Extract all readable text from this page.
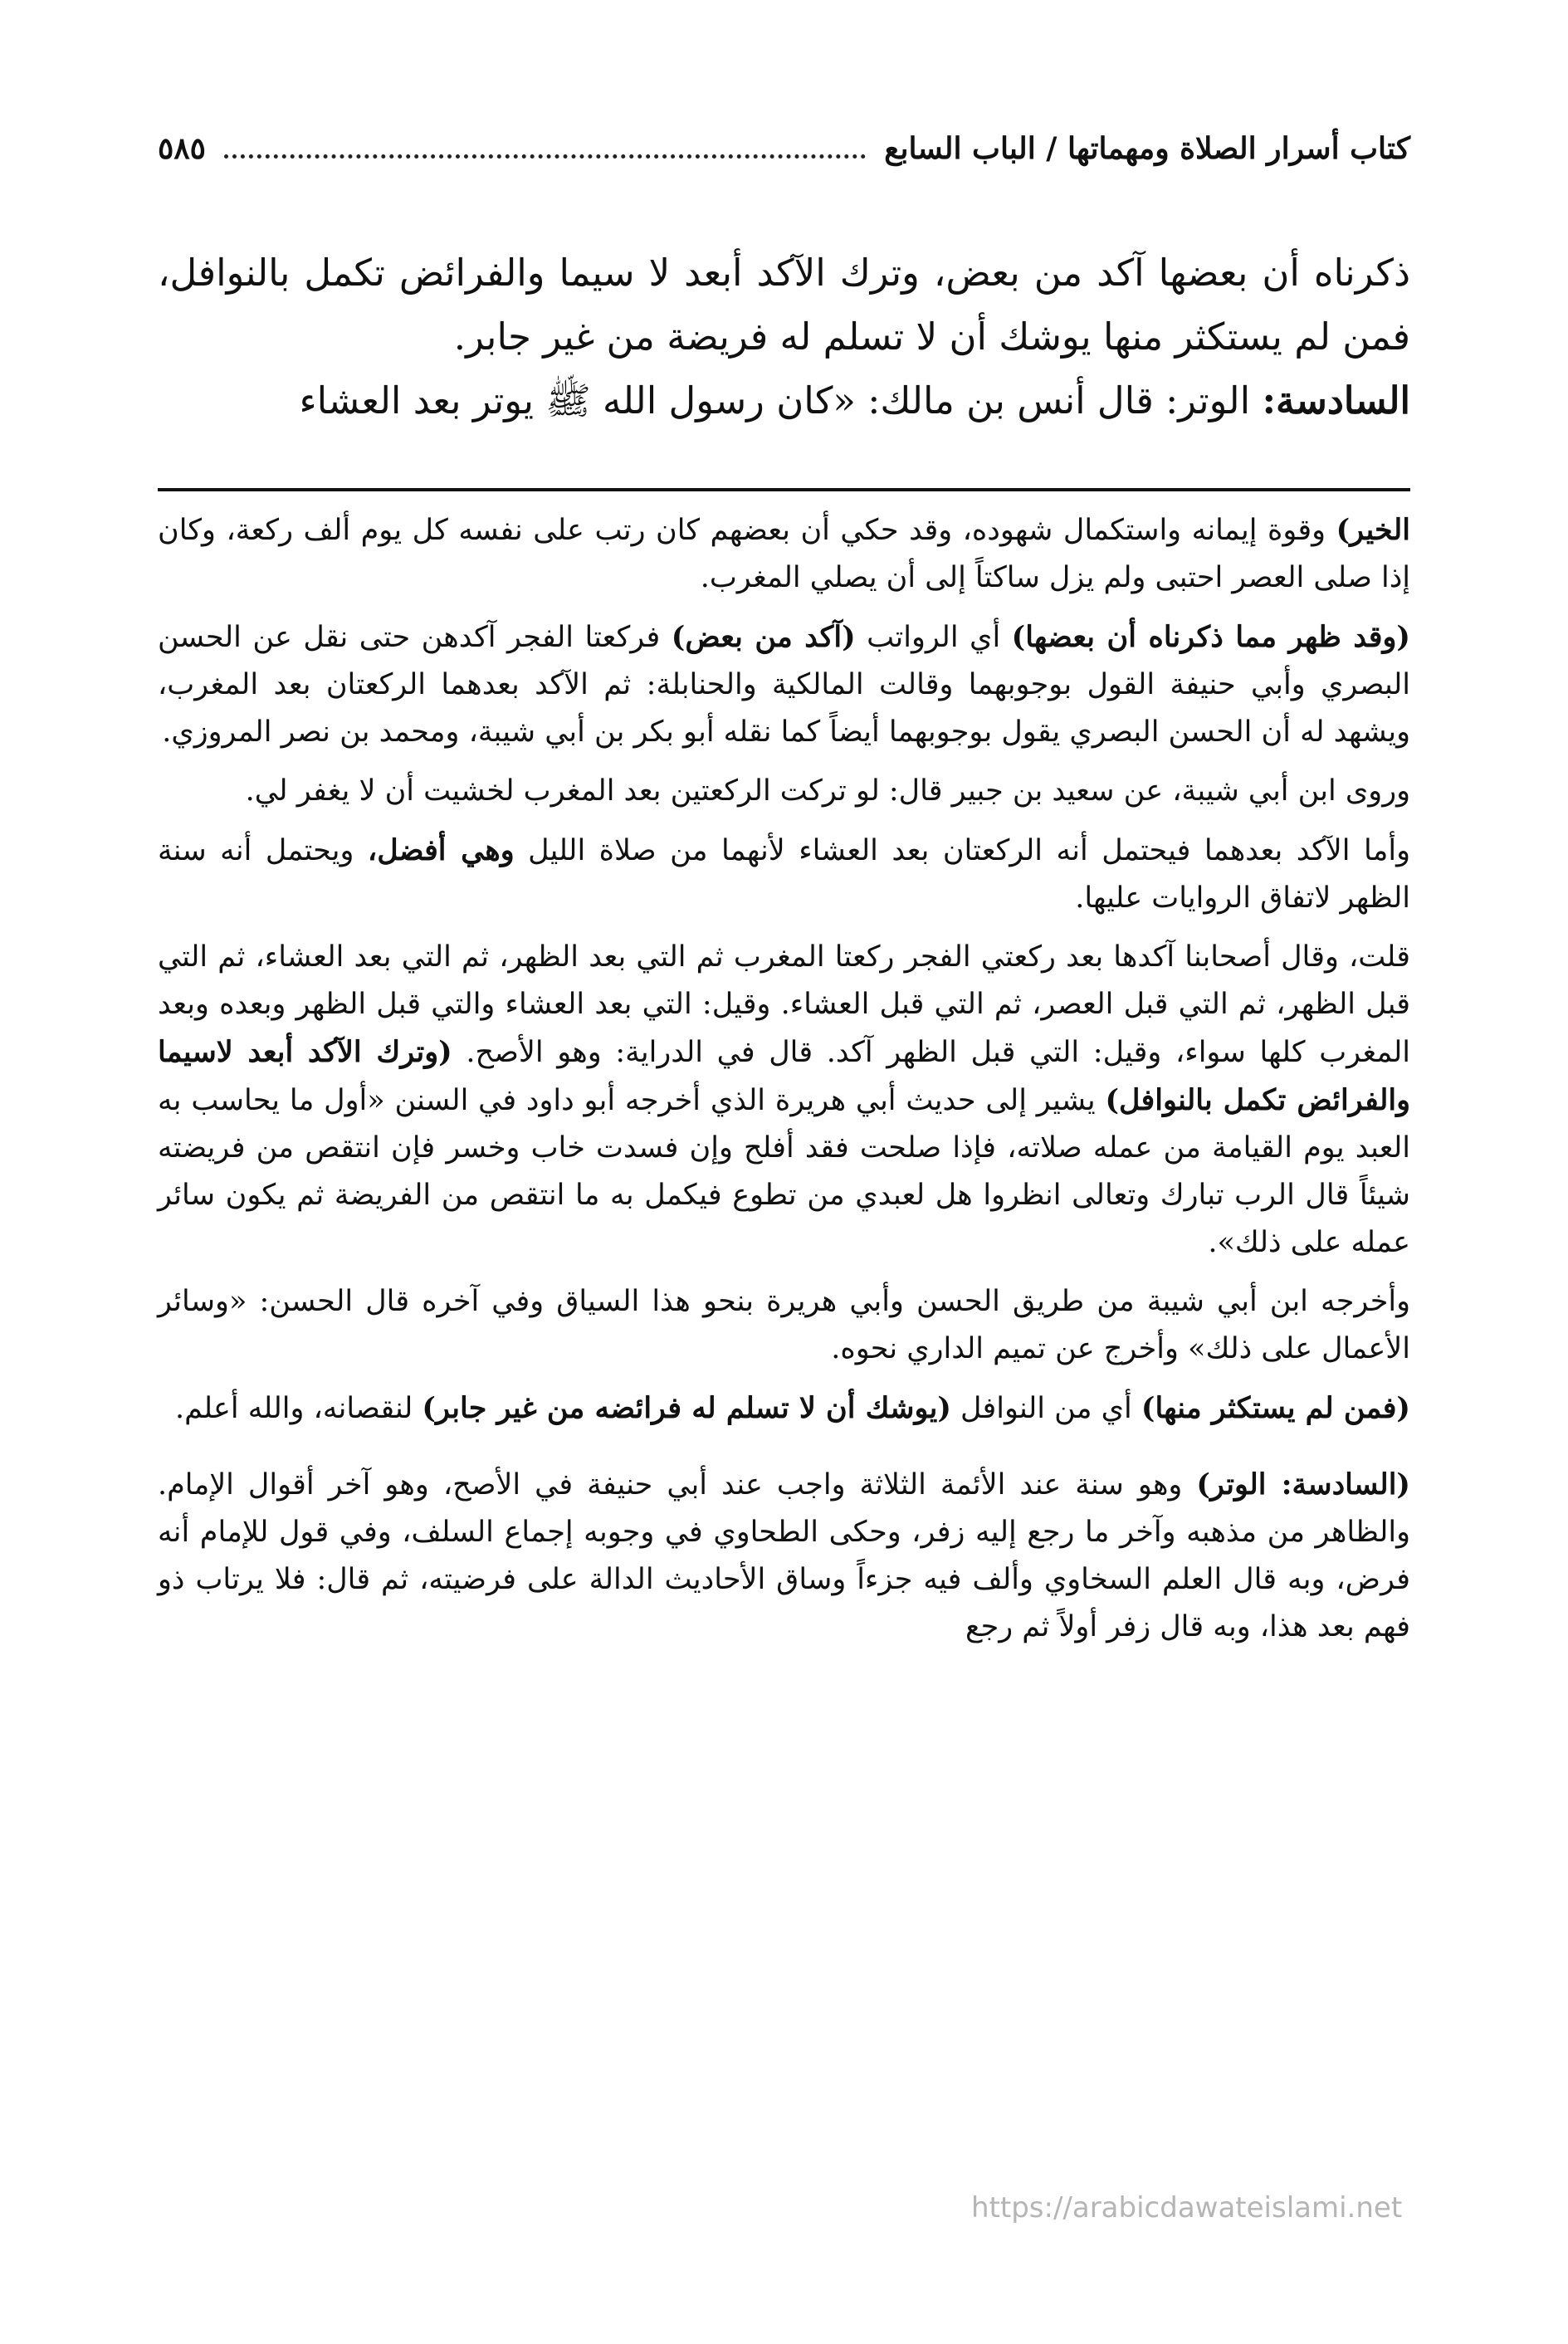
كتاب أسرار الصلاة ومهماتها / الباب السابع
٥٨٥

ذكرناه أن بعضها آكد من بعض، وترك الآكد أبعد لا سيما والفرائض تكمل بالنوافل، فمن لم يستكثر منها يوشك أن لا تسلم له فريضة من غير جابر.

السادسة: الوتر: قال أنس بن مالك: «كان رسول الله ﷺ يوتر بعد العشاء

الخير) وقوة إيمانه واستكمال شهوده، وقد حكي أن بعضهم كان رتب على نفسه كل يوم ألف ركعة، وكان إذا صلى العصر احتبى ولم يزل ساكتاً إلى أن يصلي المغرب.

(وقد ظهر مما ذكرناه أن بعضها) أي الرواتب (آكد من بعض) فركعتا الفجر آكدهن حتى نقل عن الحسن البصري وأبي حنيفة القول بوجوبهما وقالت المالكية والحنابلة: ثم الآكد بعدهما الركعتان بعد المغرب، ويشهد له أن الحسن البصري يقول بوجوبهما أيضاً كما نقله أبو بكر بن أبي شيبة، ومحمد بن نصر المروزي.

وروى ابن أبي شيبة، عن سعيد بن جبير قال: لو تركت الركعتين بعد المغرب لخشيت أن لا يغفر لي.

وأما الآكد بعدهما فيحتمل أنه الركعتان بعد العشاء لأنهما من صلاة الليل وهي أفضل، ويحتمل أنه سنة الظهر لاتفاق الروايات عليها.

قلت، وقال أصحابنا آكدها بعد ركعتي الفجر ركعتا المغرب ثم التي بعد الظهر، ثم التي بعد العشاء، ثم التي قبل الظهر، ثم التي قبل العصر، ثم التي قبل العشاء. وقيل: التي بعد العشاء والتي قبل الظهر وبعده وبعد المغرب كلها سواء، وقيل: التي قبل الظهر آكد. قال في الدراية: وهو الأصح. (وترك الآكد أبعد لاسيما والفرائض تكمل بالنوافل) يشير إلى حديث أبي هريرة الذي أخرجه أبو داود في السنن «أول ما يحاسب به العبد يوم القيامة من عمله صلاته، فإذا صلحت فقد أفلح وإن فسدت خاب وخسر فإن انتقص من فريضته شيئاً قال الرب تبارك وتعالى انظروا هل لعبدي من تطوع فيكمل به ما انتقص من الفريضة ثم يكون سائر عمله على ذلك».

وأخرجه ابن أبي شيبة من طريق الحسن وأبي هريرة بنحو هذا السياق وفي آخره قال الحسن: «وسائر الأعمال على ذلك» وأخرج عن تميم الداري نحوه.

(فمن لم يستكثر منها) أي من النوافل (يوشك أن لا تسلم له فرائضه من غير جابر) لنقصانه، والله أعلم.

(السادسة: الوتر) وهو سنة عند الأئمة الثلاثة واجب عند أبي حنيفة في الأصح، وهو آخر أقوال الإمام. والظاهر من مذهبه وآخر ما رجع إليه زفر، وحكى الطحاوي في وجوبه إجماع السلف، وفي قول للإمام أنه فرض، وبه قال العلم السخاوي وألف فيه جزءاً وساق الأحاديث الدالة على فرضيته، ثم قال: فلا يرتاب ذو فهم بعد هذا، وبه قال زفر أولاً ثم رجع

https://arabicdawateislami.net
